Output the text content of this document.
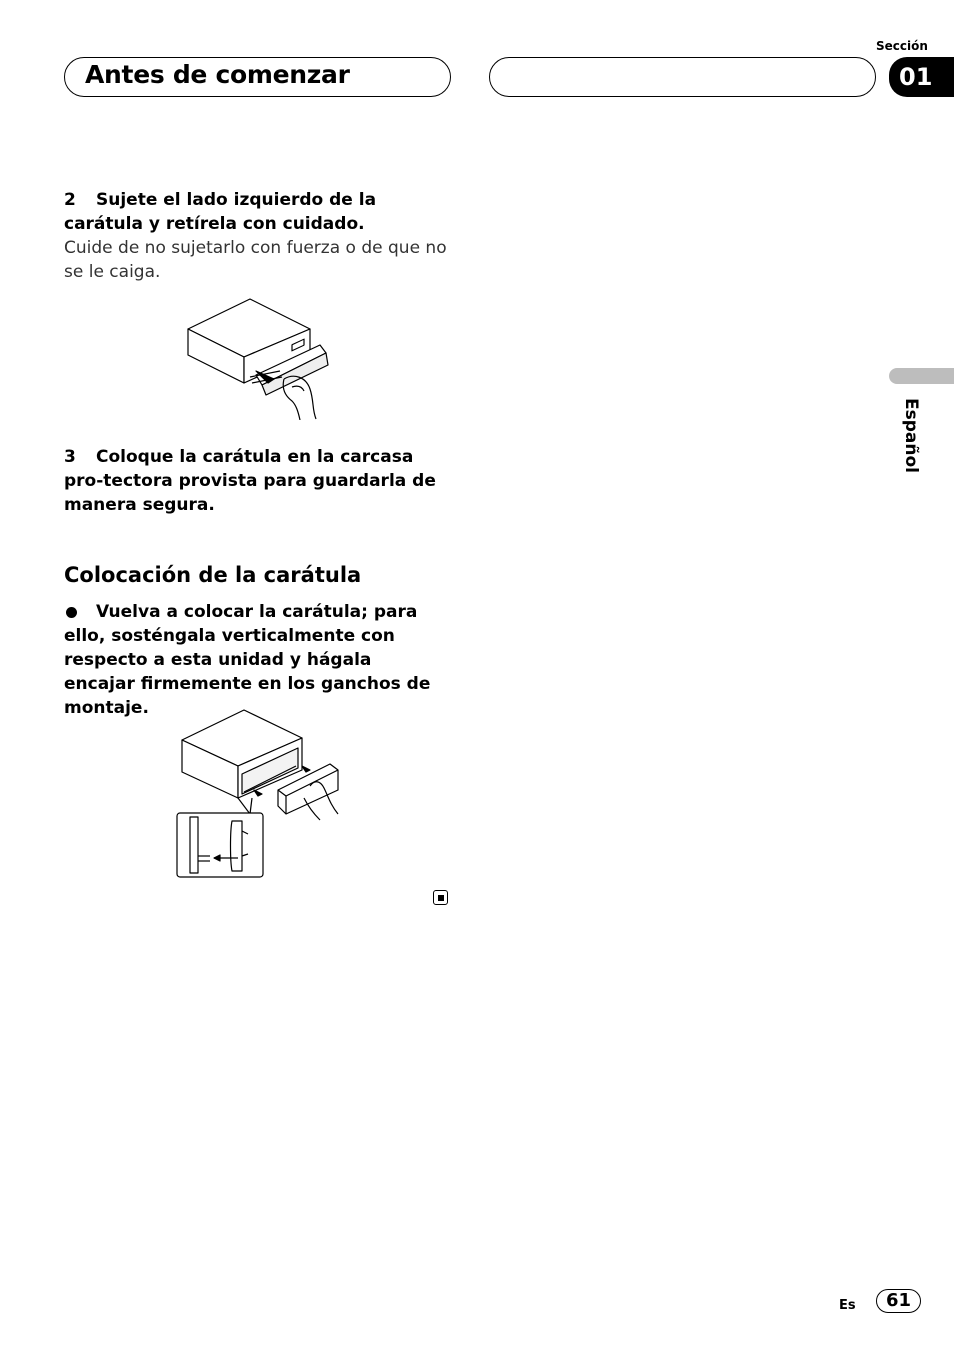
Antes de comenzar
Sección
01
2 Sujete el lado izquierdo de la carátula y retírela con cuidado.
Cuide de no sujetarlo con fuerza o de que no se le caiga.
3 Coloque la carátula en la carcasa pro-tectora provista para guardarla de manera segura.
Colocación de la carátula
Vuelva a colocar la carátula; para ello, sosténgala verticalmente con respecto a esta unidad y hágala encajar firmemente en los ganchos de montaje.
Español
Es	61
